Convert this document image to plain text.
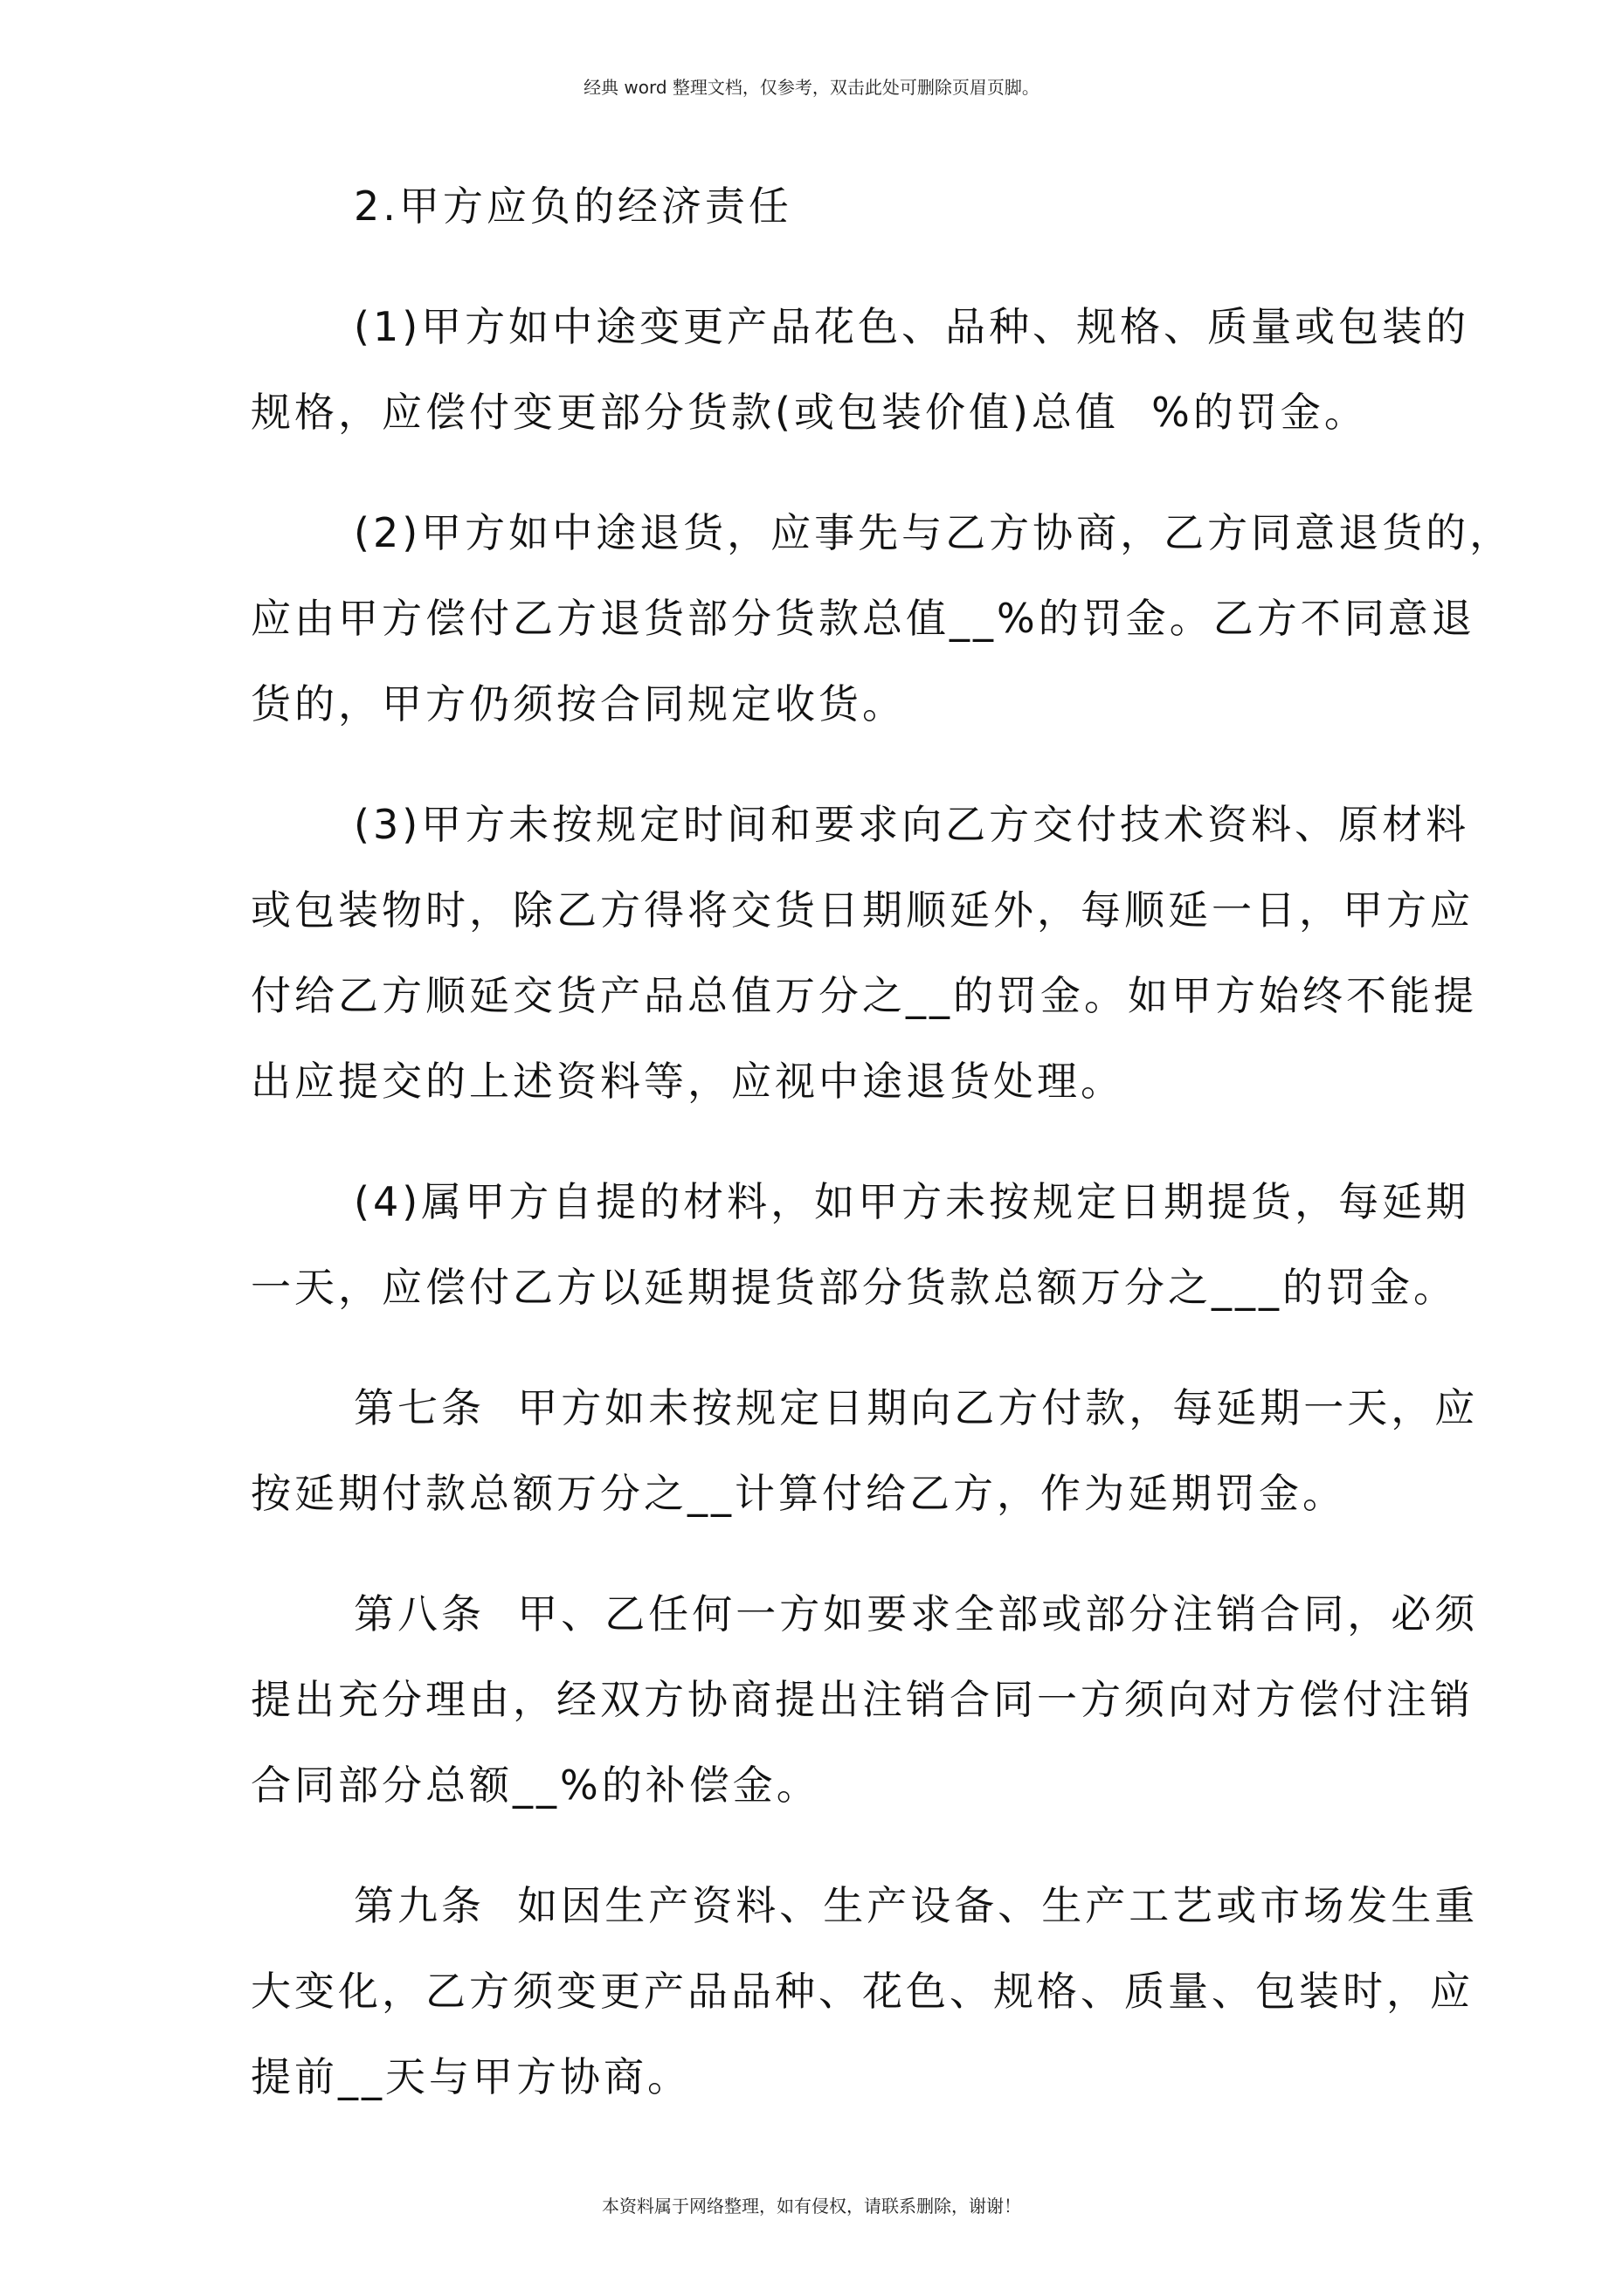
经典 word 整理文档，仅参考，双击此处可删除页眉页脚。
2.甲方应负的经济责任
(1)甲方如中途变更产品花色、品种、规格、质量或包装的
规格，应偿付变更部分货款(或包装价值)总值  %的罚金。
(2)甲方如中途退货，应事先与乙方协商，乙方同意退货的，
应由甲方偿付乙方退货部分货款总值__%的罚金。乙方不同意退
货的，甲方仍须按合同规定收货。
(3)甲方未按规定时间和要求向乙方交付技术资料、原材料
或包装物时，除乙方得将交货日期顺延外，每顺延一日，甲方应
付给乙方顺延交货产品总值万分之__的罚金。如甲方始终不能提
出应提交的上述资料等，应视中途退货处理。
(4)属甲方自提的材料，如甲方未按规定日期提货，每延期
一天，应偿付乙方以延期提货部分货款总额万分之___的罚金。
第七条  甲方如未按规定日期向乙方付款，每延期一天，应
按延期付款总额万分之__计算付给乙方，作为延期罚金。
第八条  甲、乙任何一方如要求全部或部分注销合同，必须
提出充分理由，经双方协商提出注销合同一方须向对方偿付注销
合同部分总额__%的补偿金。
第九条  如因生产资料、生产设备、生产工艺或市场发生重
大变化，乙方须变更产品品种、花色、规格、质量、包装时，应
提前__天与甲方协商。
本资料属于网络整理，如有侵权，请联系删除，谢谢！
